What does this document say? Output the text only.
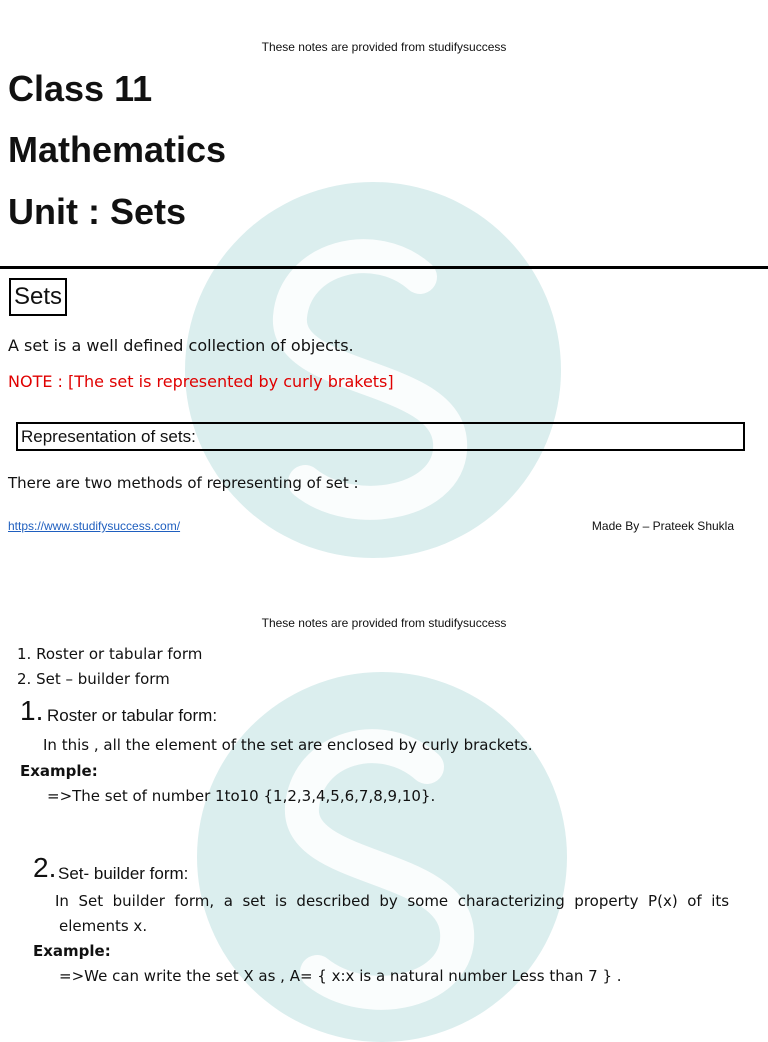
These notes are provided from studifysuccess
Class 11
Mathematics
Unit : Sets
Sets
A set is a well defined collection of objects.
NOTE : [The set is represented by curly brakets]
Representation of sets:
There are two methods of representing of set :
https://www.studifysuccess.com/	Made By – Prateek Shukla
These notes are provided from studifysuccess
1. Roster or tabular form
2. Set – builder form
1. Roster or tabular form:
In this , all the element of the set are enclosed by curly brackets.
Example:
=>The set of number 1to10 {1,2,3,4,5,6,7,8,9,10}.
2. Set- builder form:
In  Set  builder  form,  a  set  is  described  by  some  characterizing  property  P(x)  of  its
elements x.
Example:
=>We can write the set X as , A= { x:x is a natural number Less than 7 } .
